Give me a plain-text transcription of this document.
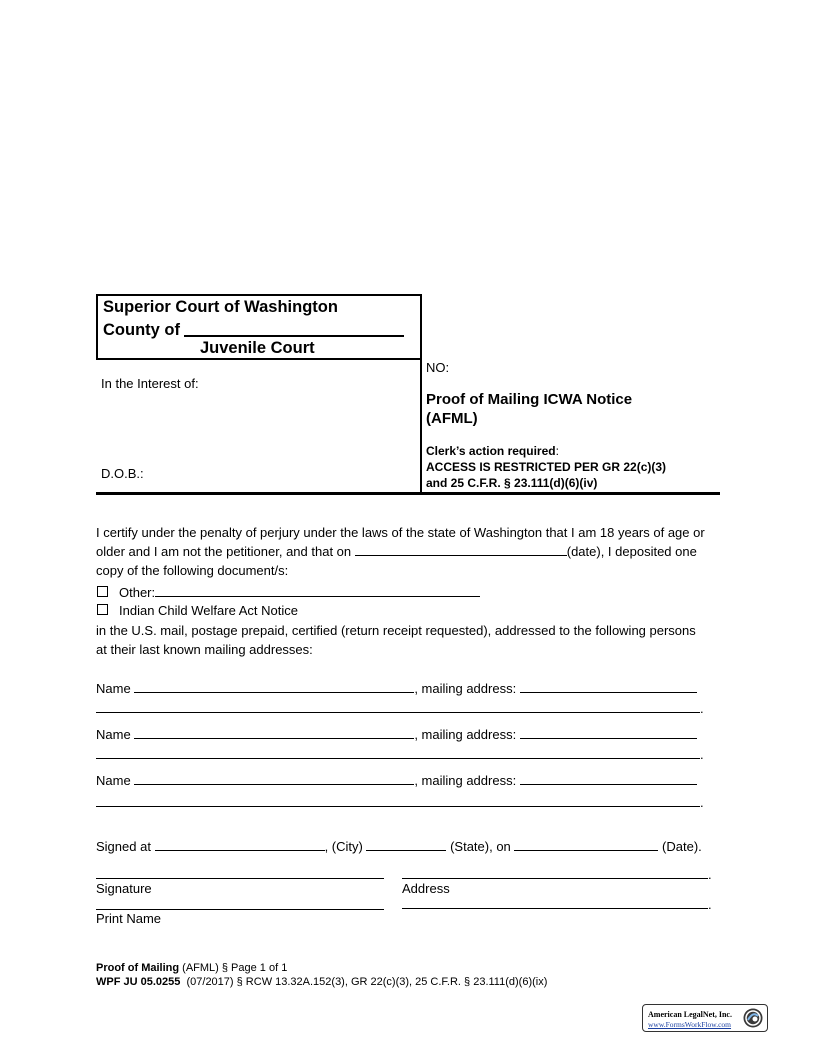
Superior Court of Washington
County of
Juvenile Court
In the Interest of:
D.O.B.:
NO:
Proof of Mailing ICWA Notice
(AFML)
Clerk’s action required:
ACCESS IS RESTRICTED PER GR 22(c)(3)
and 25 C.F.R. § 23.111(d)(6)(iv)
I certify under the penalty of perjury under the laws of the state of Washington that I am 18 years of age or
older and I am not the petitioner, and that on	(date), I deposited one
copy of the following document/s:
Other:
Indian Child Welfare Act Notice
in the U.S. mail, postage prepaid, certified (return receipt requested), addressed to the following persons
at their last known mailing addresses:
Name	, mailing address:
.
Name	, mailing address:
.
Name	, mailing address:
.
Signed at	, (City)	(State), on	(Date).
Signature
.
Address
Print Name
.
Proof of Mailing (AFML) § Page 1 of 1
WPF JU 05.0255  (07/2017) § RCW 13.32A.152(3), GR 22(c)(3), 25 C.F.R. § 23.111(d)(6)(ix)
American LegalNet, Inc.
www.FormsWorkFlow.com
